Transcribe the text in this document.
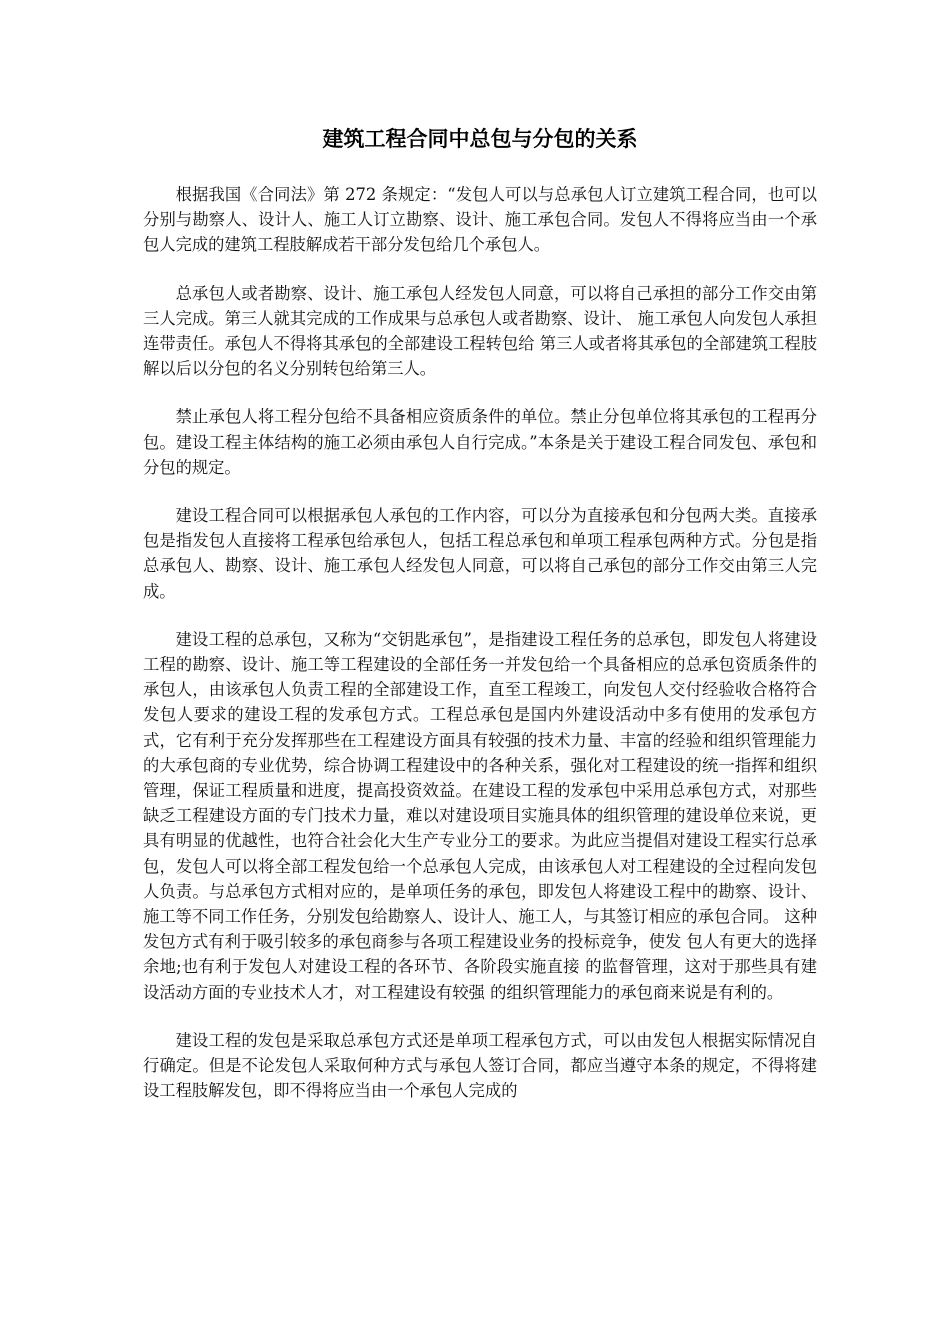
建筑工程合同中总包与分包的关系

根据我国《合同法》第 272 条规定：“发包人可以与总承包人订立建筑工程合同，也可以分别与勘察人、设计人、施工人订立勘察、设计、施工承包合同。发包人不得将应当由一个承包人完成的建筑工程肢解成若干部分发包给几个承包人。

总承包人或者勘察、设计、施工承包人经发包人同意，可以将自己承担的部分工作交由第三人完成。第三人就其完成的工作成果与总承包人或者勘察、设计、 施工承包人向发包人承担连带责任。承包人不得将其承包的全部建设工程转包给 第三人或者将其承包的全部建筑工程肢解以后以分包的名义分别转包给第三人。

禁止承包人将工程分包给不具备相应资质条件的单位。禁止分包单位将其承包的工程再分包。建设工程主体结构的施工必须由承包人自行完成。”本条是关于建设工程合同发包、承包和分包的规定。

建设工程合同可以根据承包人承包的工作内容，可以分为直接承包和分包两大类。直接承包是指发包人直接将工程承包给承包人，包括工程总承包和单项工程承包两种方式。分包是指总承包人、勘察、设计、施工承包人经发包人同意，可以将自己承包的部分工作交由第三人完成。

建设工程的总承包，又称为“交钥匙承包”，是指建设工程任务的总承包，即发包人将建设工程的勘察、设计、施工等工程建设的全部任务一并发包给一个具备相应的总承包资质条件的承包人，由该承包人负责工程的全部建设工作，直至工程竣工，向发包人交付经验收合格符合发包人要求的建设工程的发承包方式。工程总承包是国内外建设活动中多有使用的发承包方式，它有利于充分发挥那些在工程建设方面具有较强的技术力量、丰富的经验和组织管理能力的大承包商的专业优势，综合协调工程建设中的各种关系，强化对工程建设的统一指挥和组织管理，保证工程质量和进度，提高投资效益。在建设工程的发承包中采用总承包方式，对那些缺乏工程建设方面的专门技术力量，难以对建设项目实施具体的组织管理的建设单位来说，更具有明显的优越性，也符合社会化大生产专业分工的要求。为此应当提倡对建设工程实行总承包，发包人可以将全部工程发包给一个总承包人完成，由该承包人对工程建设的全过程向发包人负责。与总承包方式相对应的，是单项任务的承包，即发包人将建设工程中的勘察、设计、施工等不同工作任务，分别发包给勘察人、设计人、施工人，与其签订相应的承包合同。 这种发包方式有利于吸引较多的承包商参与各项工程建设业务的投标竞争，使发 包人有更大的选择余地;也有利于发包人对建设工程的各环节、各阶段实施直接 的监督管理，这对于那些具有建设活动方面的专业技术人才，对工程建设有较强 的组织管理能力的承包商来说是有利的。

建设工程的发包是采取总承包方式还是单项工程承包方式，可以由发包人根据实际情况自行确定。但是不论发包人采取何种方式与承包人签订合同，都应当遵守本条的规定，不得将建设工程肢解发包，即不得将应当由一个承包人完成的
